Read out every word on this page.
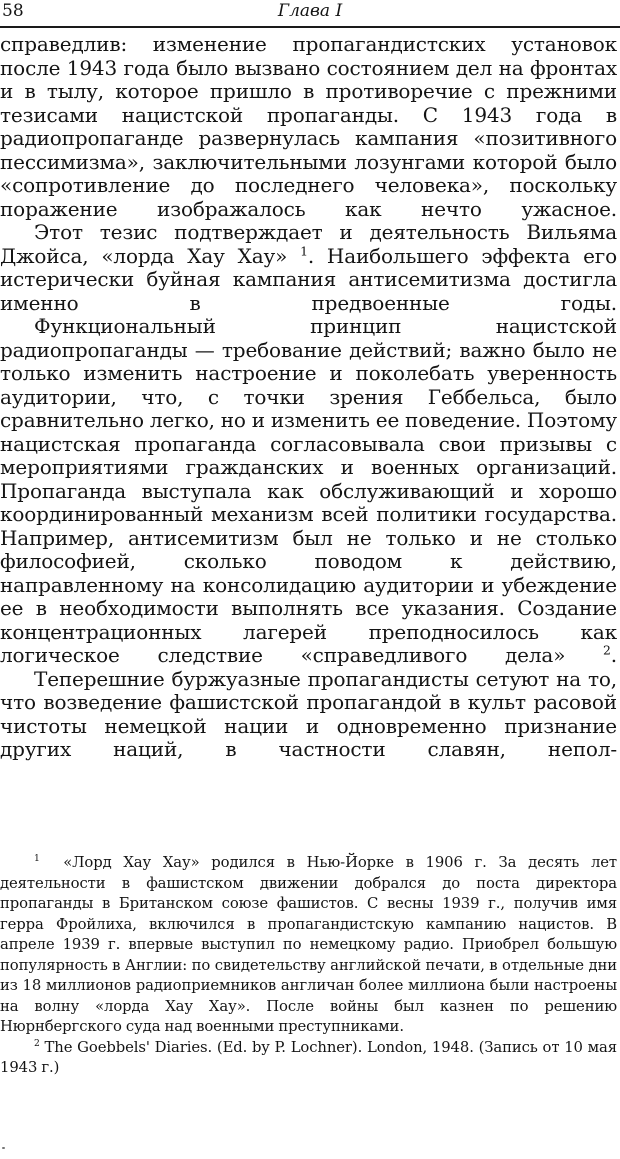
58	Глава I

справедлив: изменение пропагандистских установок после 1943 года было вызвано состоянием дел на фронтах и в тылу, которое пришло в противоречие с прежними тезисами нацистской пропаганды. С 1943 года в радиопропаганде развернулась кампания «позитивного пессимизма», заключительными лозунгами которой было «сопротивление до последнего человека», поскольку поражение изображалось как нечто ужасное.

Этот тезис подтверждает и деятельность Вильяма Джойса, «лорда Хау Хау» $^1$. Наибольшего эффекта его истерически буйная кампания антисемитизма достигла именно в предвоенные годы.

Функциональный принцип нацистской радиопропаганды — требование действий; важно было не только изменить настроение и поколебать уверенность аудитории, что, с точки зрения Геббельса, было сравнительно легко, но и изменить ее поведение. Поэтому нацистская пропаганда согласовывала свои призывы с мероприятиями гражданских и военных организаций. Пропаганда выступала как обслуживающий и хорошо координированный механизм всей политики государства. Например, антисемитизм был не только и не столько философией, сколько поводом к действию, направленному на консолидацию аудитории и убеждение ее в необходимости выполнять все указания. Создание концентрационных лагерей преподносилось как логическое следствие «справедливого дела»	$^2$.

Теперешние буржуазные пропагандисты сетуют на то, что возведение фашистской пропагандой в культ расовой чистоты немецкой нации и одновременно признание других наций, в частности славян, непол-

$^1$ «Лорд Хау Хау» родился в Нью-Йорке в 1906 г. За десять лет деятельности в фашистском движении добрался до поста директора пропаганды в Британском союзе фашистов. С весны 1939 г., получив имя герра Фройлиха, включился в пропагандистскую кампанию нацистов. В апреле 1939 г. впервые выступил по немецкому радио. Приобрел большую популярность в Англии: по свидетельству английской печати, в отдельные дни из 18 миллионов радиоприемников англичан более миллиона были настроены на волну «лорда Хау Хау». После войны был казнен по решению Нюрнбергского суда над военными преступниками.

$^2$ The Goebbels' Diaries. (Ed. by P. Lochner). London, 1948. (Запись от 10 мая 1943 г.)
